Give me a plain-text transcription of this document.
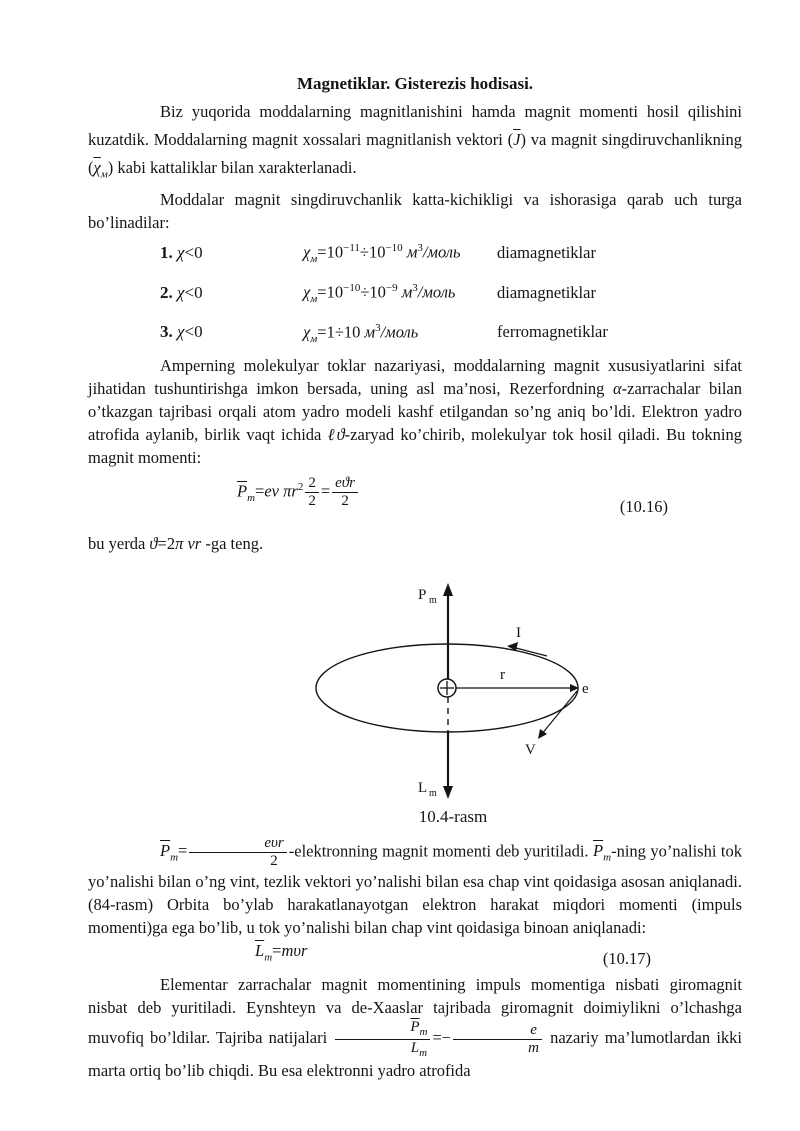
Magnetiklar. Gisterezis hodisasi.

Biz yuqorida moddalarning magnitlanishini hamda magnit momenti hosil qilishini kuzatdik. Moddalarning magnit xossalari magnitlanish vektori $(\overline{J})$ va magnit singdiruvchanlikning $(\overline{\chi}_м)$ kabi kattaliklar bilan xarakterlanadi.

Moddalar magnit singdiruvchanlik katta-kichikligi va ishorasiga qarab uch turga bo’linadilar:

1. χ<0	$\chi_м=10^{-11}\div 10^{-10}$ $м^3$/моль	diamagnetiklar
2. χ<0	$\chi_м=10^{-10}\div 10^{-9}$ $м^3$/моль	diamagnetiklar
3. χ<0	$\chi_м=1\div 10$ $м^3$/моль	ferromagnetiklar

Amperning molekulyar toklar nazariyasi, moddalarning magnit xususiyatlarini sifat jihatidan tushuntirishga imkon bersada, uning asl ma’nosi, Rezerfordning α-zarrachalar bilan o’tkazgan tajribasi orqali atom yadro modeli kashf etilgandan so’ng aniq bo’ldi. Elektron yadro atrofida aylanib, birlik vaqt ichida ℓϑ-zaryad ko’chirib, molekulyar tok hosil qiladi. Bu tokning magnit momenti:

$\overline{P}_m=ev$ $\pi r^2 \frac{2}{2} = \frac{\text{eϑr}}{2}$	(10.16)

bu yerda ϑ=2π vr -ga teng.

P m
L m
I
r
e
V
10.4-rasm

$\overline{P}_m= \frac{\text{eυr}}{2}$ -elektronning magnit momenti deb yuritiladi. $\overline{P}_m$-ning yo’nalishi tok yo’nalishi bilan o’ng vint, tezlik vektori yo’nalishi bilan esa chap vint qoidasiga asosan aniqlanadi. (84-rasm) Orbita bo’ylab harakatlanayotgan elektron harakat miqdori momenti (impuls momenti)ga ega bo’lib, u tok yo’nalishi bilan chap vint qoidasiga binoan aniqlanadi:

$\overline{L}_m=m\upsilon r$	(10.17)

Elementar zarrachalar magnit momentining impuls momentiga nisbati giromagnit nisbat deb yuritiladi. Eynshteyn va de-Xaaslar tajribada giromagnit doimiylikni o’lchashga muvofiq bo’ldilar. Tajriba natijalari $\frac{\overline{P}_m}{\overline{L}_m} =- \frac{e}{m}$ nazariy ma’lumotlardan ikki marta ortiq bo’lib chiqdi. Bu esa elektronni yadro atrofida
